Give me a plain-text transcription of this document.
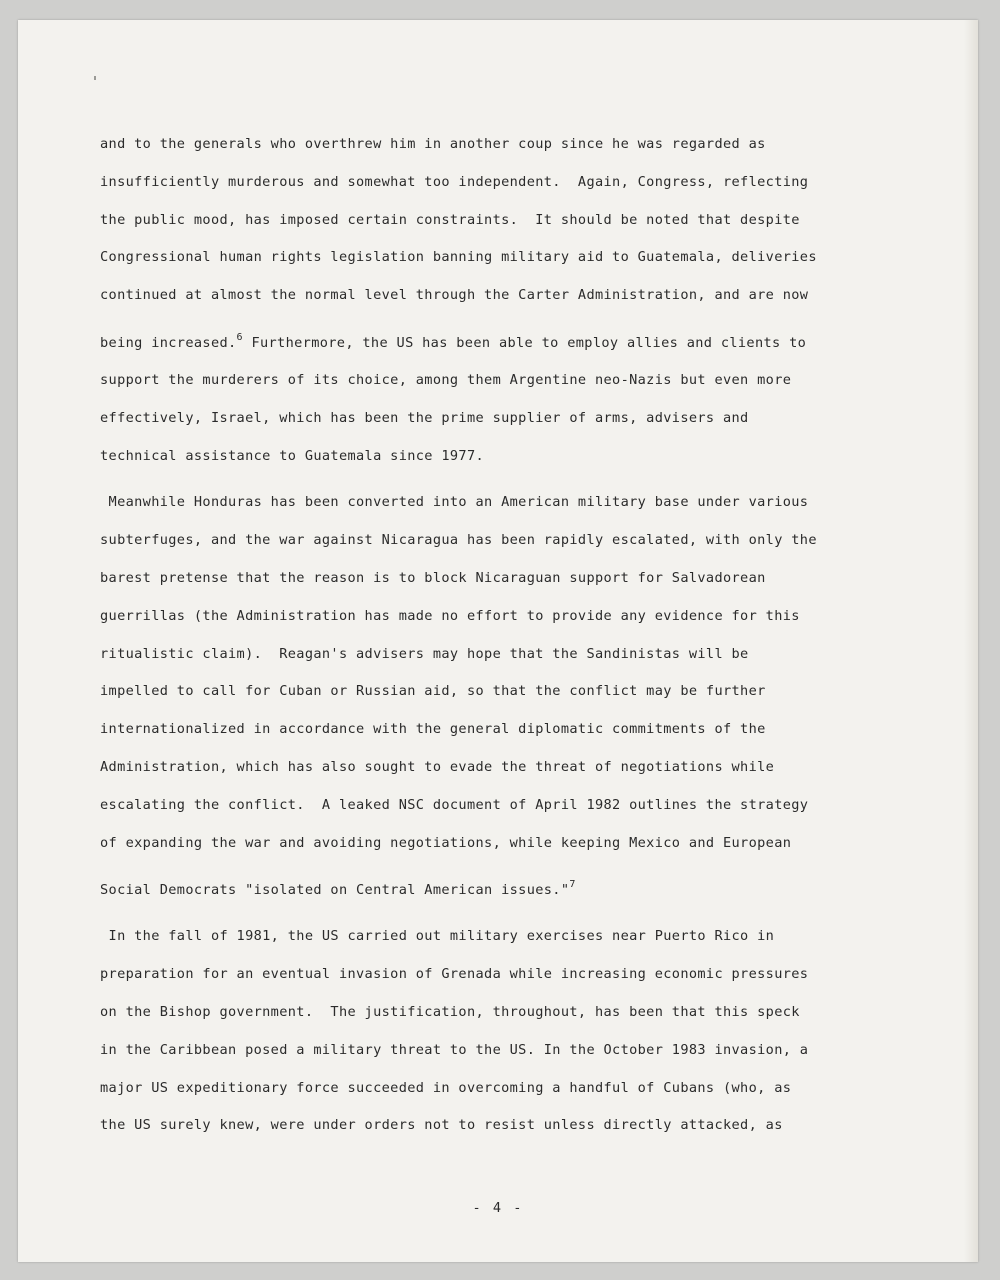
and to the generals who overthrew him in another coup since he was regarded as
insufficiently murderous and somewhat too independent.  Again, Congress, reflecting
the public mood, has imposed certain constraints.  It should be noted that despite
Congressional human rights legislation banning military aid to Guatemala, deliveries
continued at almost the normal level through the Carter Administration, and are now
being increased.$^6$ Furthermore, the US has been able to employ allies and clients to
support the murderers of its choice, among them Argentine neo-Nazis but even more
effectively, Israel, which has been the prime supplier of arms, advisers and
technical assistance to Guatemala since 1977.
Meanwhile Honduras has been converted into an American military base under various
subterfuges, and the war against Nicaragua has been rapidly escalated, with only the
barest pretense that the reason is to block Nicaraguan support for Salvadorean
guerrillas (the Administration has made no effort to provide any evidence for this
ritualistic claim).  Reagan's advisers may hope that the Sandinistas will be
impelled to call for Cuban or Russian aid, so that the conflict may be further
internationalized in accordance with the general diplomatic commitments of the
Administration, which has also sought to evade the threat of negotiations while
escalating the conflict.  A leaked NSC document of April 1982 outlines the strategy
of expanding the war and avoiding negotiations, while keeping Mexico and European
Social Democrats "isolated on Central American issues."$^7$
In the fall of 1981, the US carried out military exercises near Puerto Rico in
preparation for an eventual invasion of Grenada while increasing economic pressures
on the Bishop government.  The justification, throughout, has been that this speck
in the Caribbean posed a military threat to the US. In the October 1983 invasion, a
major US expeditionary force succeeded in overcoming a handful of Cubans (who, as
the US surely knew, were under orders not to resist unless directly attacked, as
- 4 -
